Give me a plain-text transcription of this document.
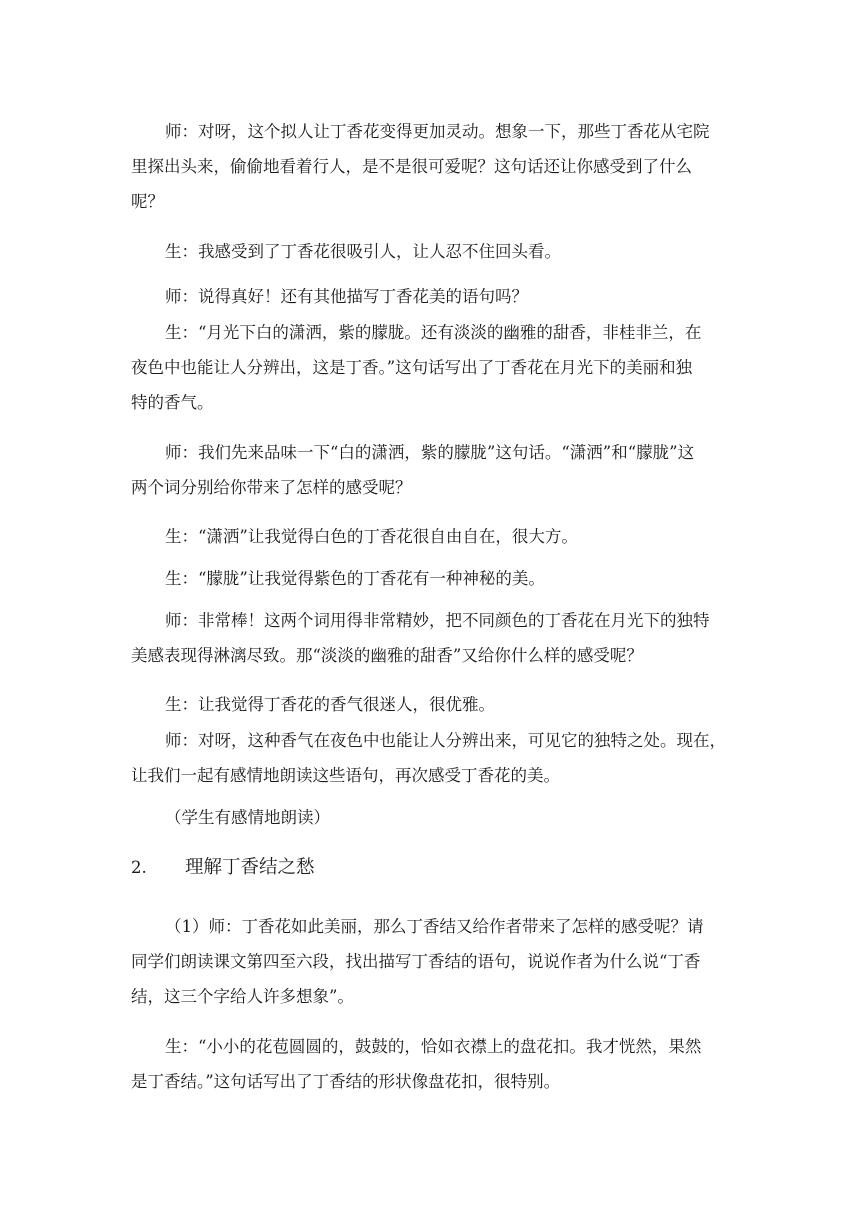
师：对呀，这个拟人让丁香花变得更加灵动。想象一下，那些丁香花从宅院
里探出头来，偷偷地看着行人，是不是很可爱呢？这句话还让你感受到了什么
呢？
生：我感受到了丁香花很吸引人，让人忍不住回头看。
师：说得真好！还有其他描写丁香花美的语句吗？
生：“月光下白的潇洒，紫的朦胧。还有淡淡的幽雅的甜香，非桂非兰，在
夜色中也能让人分辨出，这是丁香。”这句话写出了丁香花在月光下的美丽和独
特的香气。
师：我们先来品味一下“白的潇洒，紫的朦胧”这句话。“潇洒”和“朦胧”这
两个词分别给你带来了怎样的感受呢？
生：“潇洒”让我觉得白色的丁香花很自由自在，很大方。
生：“朦胧”让我觉得紫色的丁香花有一种神秘的美。
师：非常棒！这两个词用得非常精妙，把不同颜色的丁香花在月光下的独特
美感表现得淋漓尽致。那“淡淡的幽雅的甜香”又给你什么样的感受呢？
生：让我觉得丁香花的香气很迷人，很优雅。
师：对呀，这种香气在夜色中也能让人分辨出来，可见它的独特之处。现在，
让我们一起有感情地朗读这些语句，再次感受丁香花的美。
（学生有感情地朗读）
2. 理解丁香结之愁
（1）师：丁香花如此美丽，那么丁香结又给作者带来了怎样的感受呢？请
同学们朗读课文第四至六段，找出描写丁香结的语句，说说作者为什么说“丁香
结，这三个字给人许多想象”。
生：“小小的花苞圆圆的，鼓鼓的，恰如衣襟上的盘花扣。我才恍然，果然
是丁香结。”这句话写出了丁香结的形状像盘花扣，很特别。
